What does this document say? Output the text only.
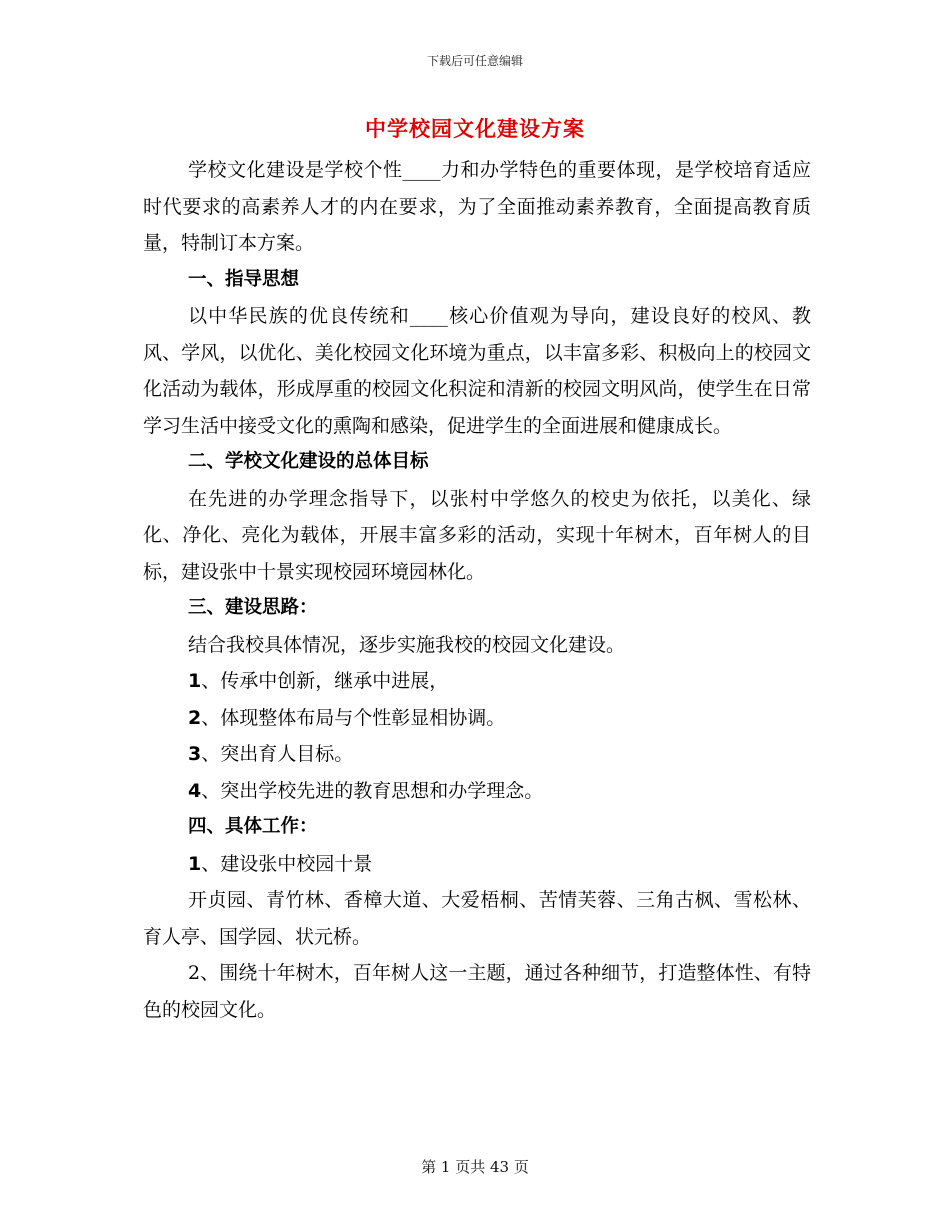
下载后可任意编辑
中学校园文化建设方案

学校文化建设是学校个性____力和办学特色的重要体现，是学校培育适应时代要求的高素养人才的内在要求，为了全面推动素养教育，全面提高教育质量，特制订本方案。

一、指导思想

以中华民族的优良传统和____核心价值观为导向，建设良好的校风、教风、学风，以优化、美化校园文化环境为重点，以丰富多彩、积极向上的校园文化活动为载体，形成厚重的校园文化积淀和清新的校园文明风尚，使学生在日常学习生活中接受文化的熏陶和感染，促进学生的全面进展和健康成长。

二、学校文化建设的总体目标

在先进的办学理念指导下，以张村中学悠久的校史为依托，以美化、绿化、净化、亮化为载体，开展丰富多彩的活动，实现十年树木，百年树人的目标，建设张中十景实现校园环境园林化。

三、建设思路：

结合我校具体情况，逐步实施我校的校园文化建设。

1、传承中创新，继承中进展，

2、体现整体布局与个性彰显相协调。

3、突出育人目标。

4、突出学校先进的教育思想和办学理念。

四、具体工作：

1、建设张中校园十景

开贞园、青竹林、香樟大道、大爱梧桐、苦情芙蓉、三角古枫、雪松林、育人亭、国学园、状元桥。

2、围绕十年树木，百年树人这一主题，通过各种细节，打造整体性、有特色的校园文化。

第 1 页共 43 页
